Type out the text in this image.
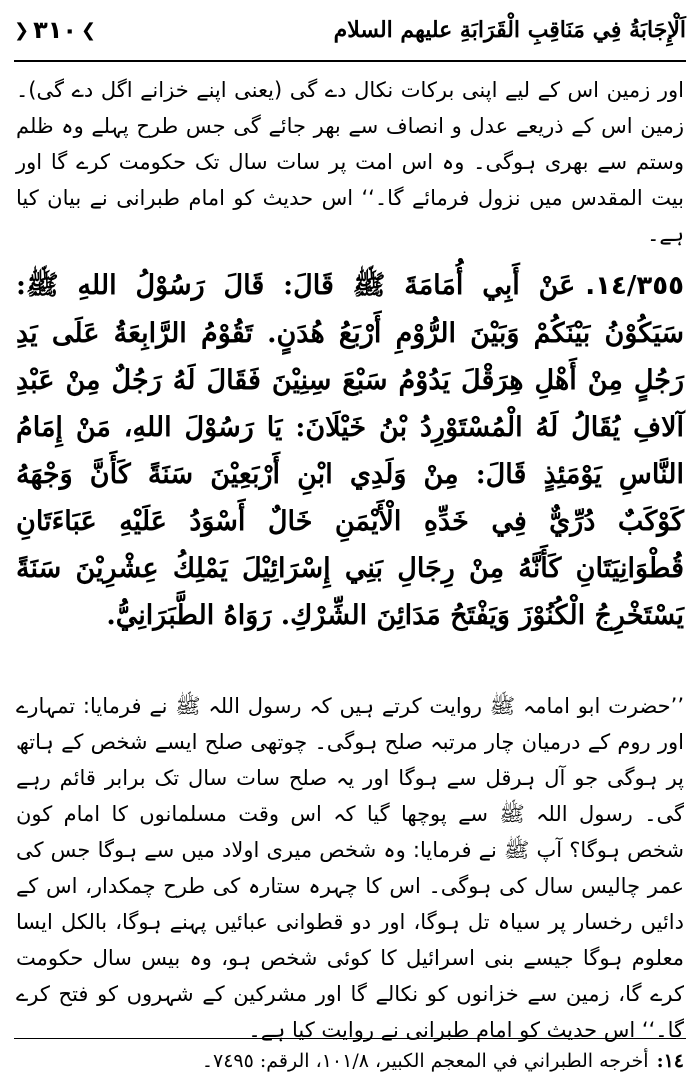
اَلْإِجَابَةُ فِي مَنَاقِبِ الْقَرَابَةِ علیهم السلام
❯
٣١٠
❮

اور زمین اس کے لیے اپنی برکات نکال دے گی (یعنی اپنے خزانے اگل دے گی)۔ زمین اس کے ذریعے عدل و انصاف سے بھر جائے گی جس طرح پہلے وہ ظلم وستم سے بھری ہوگی۔ وہ اس امت پر سات سال تک حکومت کرے گا اور بیت المقدس میں نزول فرمائے گا۔‘‘ اس حدیث کو امام طبرانی نے بیان کیا ہے۔

١٤/٣٥٥.عَنْ أَبِي أُمَامَةَ ﷺ قَالَ: قَالَ رَسُوْلُ اللهِ ﷺ: سَيَكُوْنُ بَيْنَكُمْ وَبَيْنَ الرُّوْمِ أَرْبَعُ هُدَنٍ. تَقُوْمُ الرَّابِعَةُ عَلَى يَدِ رَجُلٍ مِنْ أَهْلِ هِرَقْلَ يَدُوْمُ سَبْعَ سِنِيْنَ فَقَالَ لَهُ رَجُلٌ مِنْ عَبْدِ آلافِ يُقَالُ لَهُ الْمُسْتَوْرِدُ بْنُ خَيْلَانَ: يَا رَسُوْلَ اللهِ، مَنْ إِمَامُ النَّاسِ يَوْمَئِذٍ قَالَ: مِنْ وَلَدِي ابْنِ أَرْبَعِيْنَ سَنَةً كَأَنَّ وَجْهَهُ كَوْكَبٌ دُرِّيٌّ فِي خَدِّهِ الْأَيْمَنِ خَالٌ أَسْوَدُ عَلَيْهِ عَبَاءَتَانِ قُطْوَانِيَتَانِ كَأَنَّهُ مِنْ رِجَالِ بَنِي إِسْرَائِيْلَ يَمْلِكُ عِشْرِيْنَ سَنَةً يَسْتَخْرِجُ الْكُنُوْزَ وَيَفْتَحُ مَدَائِنَ الشِّرْكِ. رَوَاهُ الطَّبَرَانِيُّ.

’’حضرت ابو امامہ ﷺ روایت کرتے ہیں کہ رسول اللہ ﷺ نے فرمایا: تمہارے اور روم کے درمیان چار مرتبہ صلح ہوگی۔ چوتھی صلح ایسے شخص کے ہاتھ پر ہوگی جو آل ہرقل سے ہوگا اور یہ صلح سات سال تک برابر قائم رہے گی۔ رسول اللہ ﷺ سے پوچھا گیا کہ اس وقت مسلمانوں کا امام کون شخص ہوگا؟ آپ ﷺ نے فرمایا: وہ شخص میری اولاد میں سے ہوگا جس کی عمر چالیس سال کی ہوگی۔ اس کا چہرہ ستارہ کی طرح چمکدار، اس کے دائیں رخسار پر سیاہ تل ہوگا، اور دو قطوانی عبائیں پہنے ہوگا، بالکل ایسا معلوم ہوگا جیسے بنی اسرائیل کا کوئی شخص ہو، وہ بیس سال حکومت کرے گا، زمین سے خزانوں کو نکالے گا اور مشرکین کے شہروں کو فتح کرے گا۔‘‘ اس حدیث کو امام طبرانی نے روایت کیا ہے۔

١٤:أخرجه الطبراني في المعجم الكبير، ١٠١/٨، الرقم: ٧٤٩٥۔
